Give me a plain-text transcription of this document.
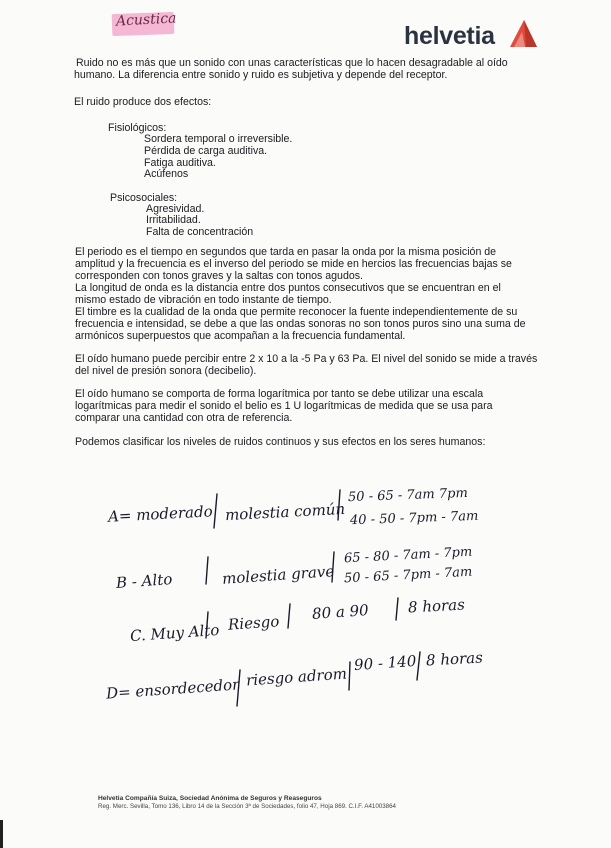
Acustica
helvetia
Ruido no es más que un sonido con unas características que lo hacen desagradable al oído
humano. La diferencia entre sonido y ruido es subjetiva y depende del receptor.
El ruido produce dos efectos:
Fisiológicos:
Sordera temporal o irreversible.
Pérdida de carga auditiva.
Fatiga auditiva.
Acúfenos
Psicosociales:
Agresividad.
Irritabilidad.
Falta de concentración
El periodo es el tiempo en segundos que tarda en pasar la onda por la misma posición de
amplitud y la frecuencia es el inverso del periodo se mide en hercios las frecuencias bajas se
corresponden con tonos graves y la saltas con tonos agudos.
La longitud de onda es la distancia entre dos puntos consecutivos que se encuentran en el
mismo estado de vibración en todo instante de tiempo.
El timbre es la cualidad de la onda que permite reconocer la fuente independientemente de su
frecuencia e intensidad, se debe a que las ondas sonoras no son tonos puros sino una suma de
armónicos superpuestos que acompañan a la frecuencia fundamental.
El oído humano puede percibir entre 2 x 10 a la -5 Pa y 63 Pa. El nivel del sonido se mide a través
del nivel de presión sonora (decibelio).
El oído humano se comporta de forma logarítmica por tanto se debe utilizar una escala
logarítmicas para medir el sonido el belio es 1 U logarítmicas de medida que se usa para
comparar una cantidad con otra de referencia.
Podemos clasificar los niveles de ruidos continuos y sus efectos en los seres humanos:
A= moderado molestia común
50 - 65 - 7am 7pm
40 - 50 - 7pm - 7am
B - Alto	molestia grave
65 - 80 - 7am - 7pm
50 - 65 - 7pm - 7am
C. Muy Alto Riesgo
80 a 90	8 horas
D= ensordecedor riesgo adrom
90 - 140 8 horas
Helvetia Compañía Suiza, Sociedad Anónima de Seguros y Reaseguros
Reg. Merc. Sevilla, Tomo 136, Libro 14 de la Sección 3ª de Sociedades, folio 47, Hoja 869. C.I.F. A41003864
